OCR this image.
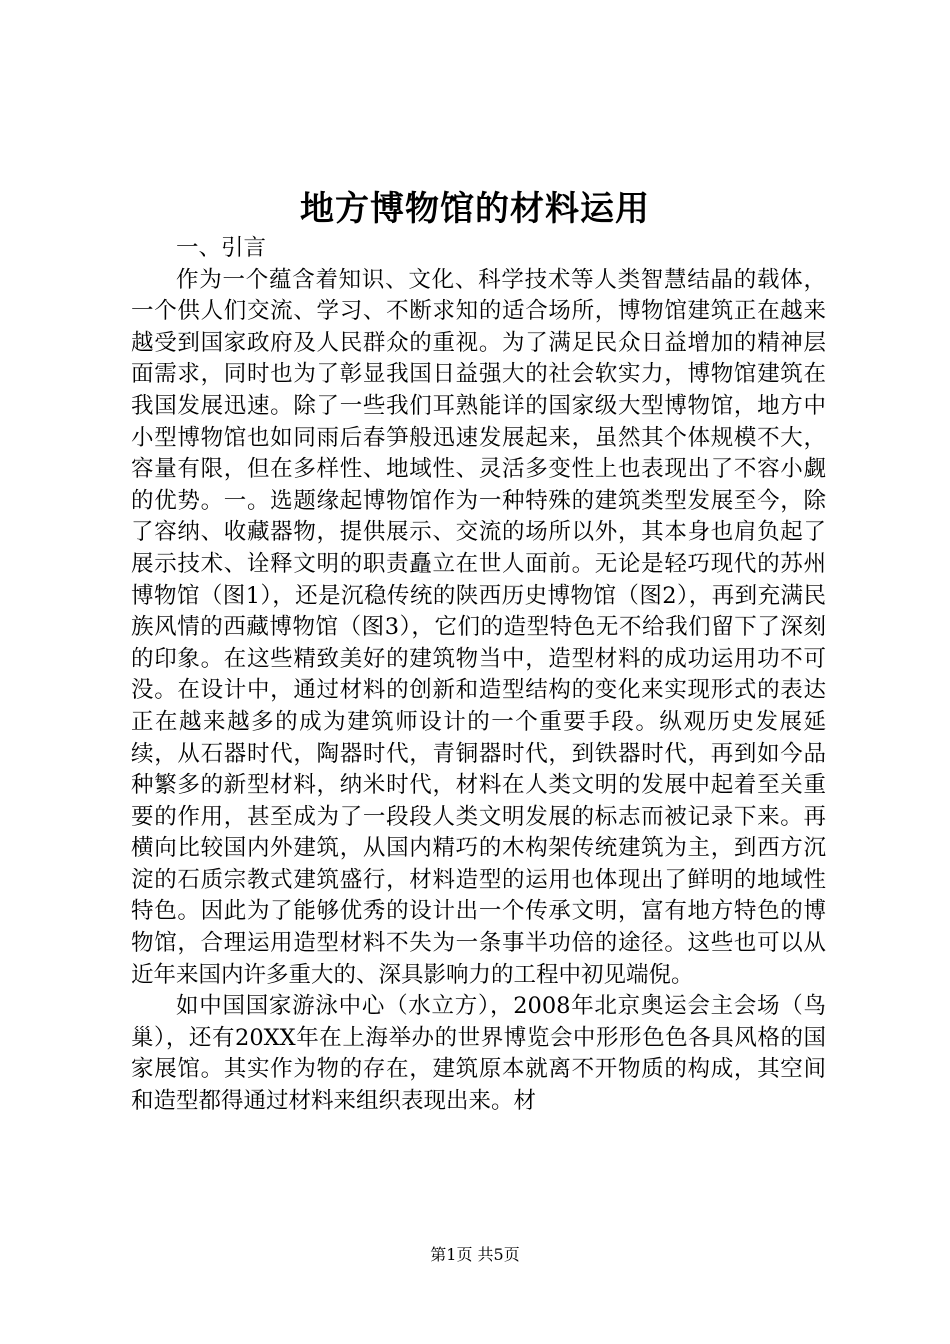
地方博物馆的材料运用

一、引言

作为一个蕴含着知识、文化、科学技术等人类智慧结晶的载体，一个供人们交流、学习、不断求知的适合场所，博物馆建筑正在越来越受到国家政府及人民群众的重视。为了满足民众日益增加的精神层面需求，同时也为了彰显我国日益强大的社会软实力，博物馆建筑在我国发展迅速。除了一些我们耳熟能详的国家级大型博物馆，地方中小型博物馆也如同雨后春笋般迅速发展起来，虽然其个体规模不大，容量有限，但在多样性、地域性、灵活多变性上也表现出了不容小觑的优势。一。选题缘起博物馆作为一种特殊的建筑类型发展至今，除了容纳、收藏器物，提供展示、交流的场所以外，其本身也肩负起了展示技术、诠释文明的职责矗立在世人面前。无论是轻巧现代的苏州博物馆（图1），还是沉稳传统的陕西历史博物馆（图2），再到充满民族风情的西藏博物馆（图3），它们的造型特色无不给我们留下了深刻的印象。在这些精致美好的建筑物当中，造型材料的成功运用功不可没。在设计中，通过材料的创新和造型结构的变化来实现形式的表达正在越来越多的成为建筑师设计的一个重要手段。纵观历史发展延续，从石器时代，陶器时代，青铜器时代，到铁器时代，再到如今品种繁多的新型材料，纳米时代，材料在人类文明的发展中起着至关重要的作用，甚至成为了一段段人类文明发展的标志而被记录下来。再横向比较国内外建筑，从国内精巧的木构架传统建筑为主，到西方沉淀的石质宗教式建筑盛行，材料造型的运用也体现出了鲜明的地域性特色。因此为了能够优秀的设计出一个传承文明，富有地方特色的博物馆，合理运用造型材料不失为一条事半功倍的途径。这些也可以从近年来国内许多重大的、深具影响力的工程中初见端倪。

如中国国家游泳中心（水立方），2008年北京奥运会主会场（鸟巢），还有20XX年在上海举办的世界博览会中形形色色各具风格的国家展馆。其实作为物的存在，建筑原本就离不开物质的构成，其空间和造型都得通过材料来组织表现出来。材

第1页 共5页
